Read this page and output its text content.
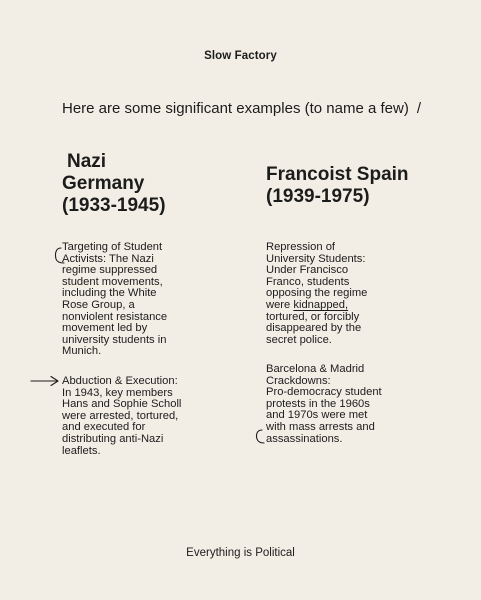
Slow Factory
Here are some significant examples (to name a few) /
Nazi
Germany
(1933-1945)
Targeting of Student
Activists: The Nazi
regime suppressed
student movements,
including the White
Rose Group, a
nonviolent resistance
movement led by
university students in
Munich.
Abduction & Execution:
In 1943, key members
Hans and Sophie Scholl
were arrested, tortured,
and executed for
distributing anti-Nazi
leaflets.
Francoist Spain
(1939-1975)
Repression of
University Students:
Under Francisco
Franco, students
opposing the regime
were kidnapped,
tortured, or forcibly
disappeared by the
secret police.
Barcelona & Madrid
Crackdowns:
Pro-democracy student
protests in the 1960s
and 1970s were met
with mass arrests and
assassinations.
Everything is Political
